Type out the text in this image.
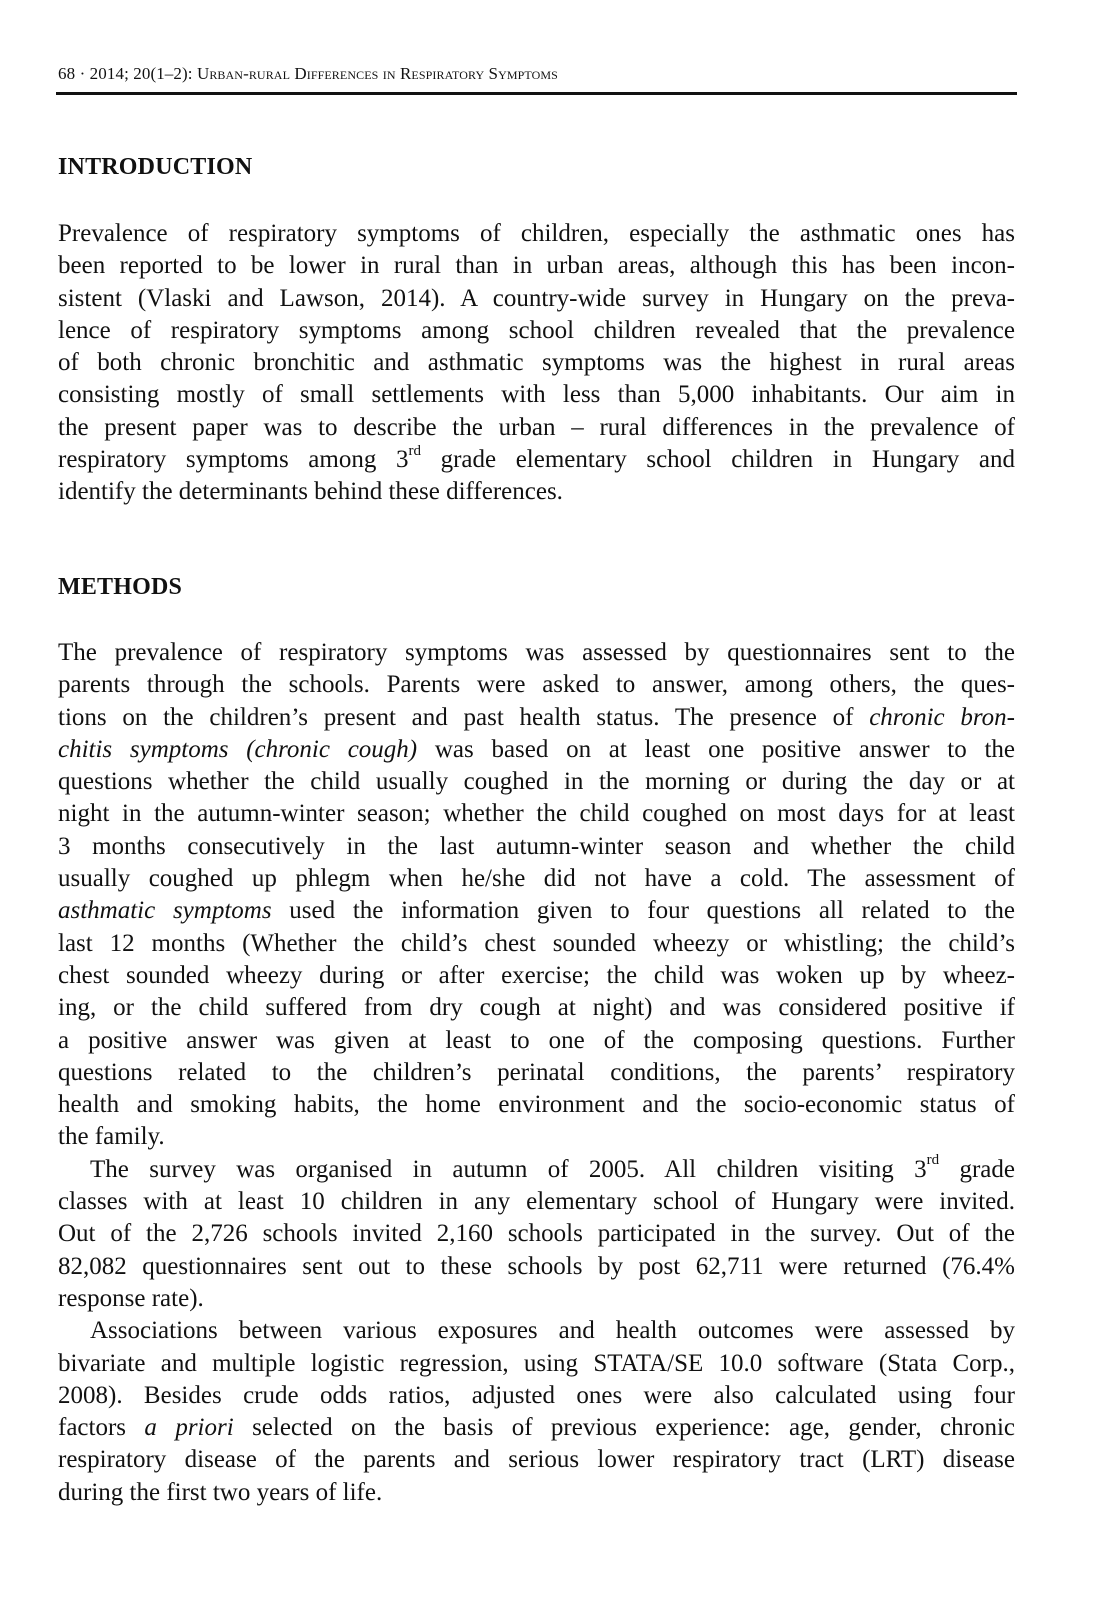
68 · 2014; 20(1–2): Urban-rural Differences in Respiratory Symptoms
INTRODUCTION
Prevalence of respiratory symptoms of children, especially the asthmatic ones has
been reported to be lower in rural than in urban areas, although this has been incon-
sistent (Vlaski and Lawson, 2014). A country-wide survey in Hungary on the preva-
lence of respiratory symptoms among school children revealed that the prevalence
of both chronic bronchitic and asthmatic symptoms was the highest in rural areas
consisting mostly of small settlements with less than 5,000 inhabitants. Our aim in
the present paper was to describe the urban – rural differences in the prevalence of
respiratory symptoms among 3rd grade elementary school children in Hungary and
identify the determinants behind these differences.
METHODS
The prevalence of respiratory symptoms was assessed by questionnaires sent to the
parents through the schools. Parents were asked to answer, among others, the ques-
tions on the children’s present and past health status. The presence of chronic bron-
chitis symptoms (chronic cough) was based on at least one positive answer to the
questions whether the child usually coughed in the morning or during the day or at
night in the autumn-winter season; whether the child coughed on most days for at least
3 months consecutively in the last autumn-winter season and whether the child
usually coughed up phlegm when he/she did not have a cold. The assessment of
asthmatic symptoms used the information given to four questions all related to the
last 12 months (Whether the child’s chest sounded wheezy or whistling; the child’s
chest sounded wheezy during or after exercise; the child was woken up by wheez-
ing, or the child suffered from dry cough at night) and was considered positive if
a positive answer was given at least to one of the composing questions. Further
questions related to the children’s perinatal conditions, the parents’ respiratory
health and smoking habits, the home environment and the socio-economic status of
the family.
The survey was organised in autumn of 2005. All children visiting 3rd grade
classes with at least 10 children in any elementary school of Hungary were invited.
Out of the 2,726 schools invited 2,160 schools participated in the survey. Out of the
82,082 questionnaires sent out to these schools by post 62,711 were returned (76.4%
response rate).
Associations between various exposures and health outcomes were assessed by
bivariate and multiple logistic regression, using STATA/SE 10.0 software (Stata Corp.,
2008). Besides crude odds ratios, adjusted ones were also calculated using four
factors a priori selected on the basis of previous experience: age, gender, chronic
respiratory disease of the parents and serious lower respiratory tract (LRT) disease
during the first two years of life.
